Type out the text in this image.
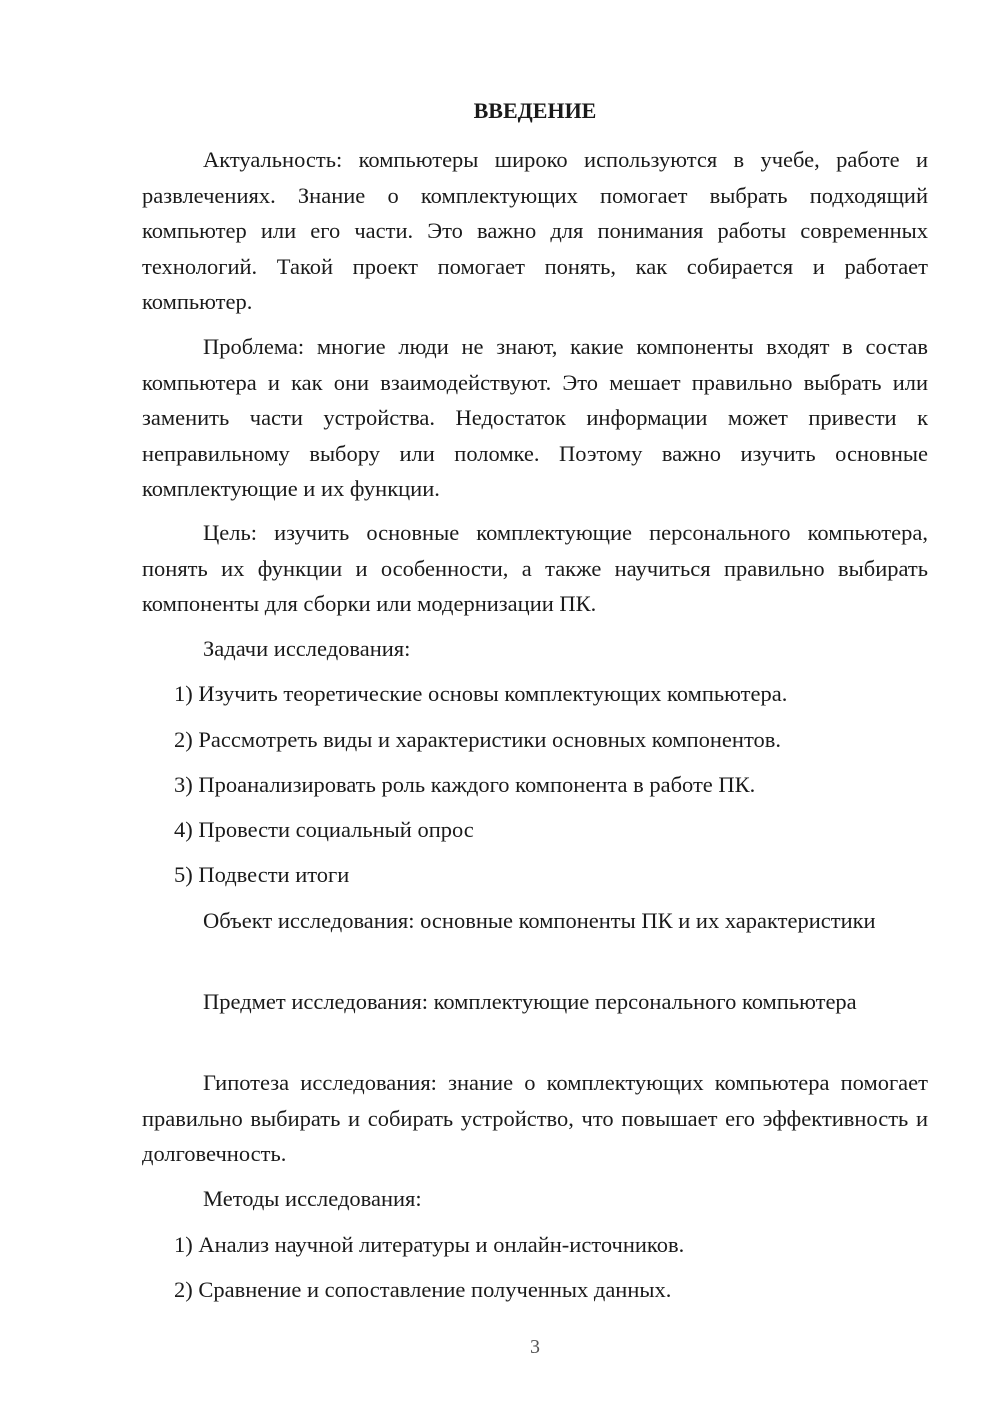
ВВЕДЕНИЕ

Актуальность: компьютеры широко используются в учебе, работе и развлечениях. Знание о комплектующих помогает выбрать подходящий компьютер или его части. Это важно для понимания работы современных технологий. Такой проект помогает понять, как собирается и работает компьютер.

Проблема: многие люди не знают, какие компоненты входят в состав компьютера и как они взаимодействуют. Это мешает правильно выбрать или заменить части устройства. Недостаток информации может привести к неправильному выбору или поломке. Поэтому важно изучить основные комплектующие и их функции.

Цель: изучить основные комплектующие персонального компьютера, понять их функции и особенности, а также научиться правильно выбирать компоненты для сборки или модернизации ПК.

Задачи исследования:

1) Изучить теоретические основы комплектующих компьютера.

2) Рассмотреть виды и характеристики основных компонентов.

3) Проанализировать роль каждого компонента в работе ПК.

4) Провести социальный опрос

5) Подвести итоги

Объект исследования: основные компоненты ПК и их характеристики

Предмет исследования: комплектующие персонального компьютера

Гипотеза исследования: знание о комплектующих компьютера помогает правильно выбирать и собирать устройство, что повышает его эффективность и долговечность.

Методы исследования:

1) Анализ научной литературы и онлайн-источников.

2) Сравнение и сопоставление полученных данных.

3
